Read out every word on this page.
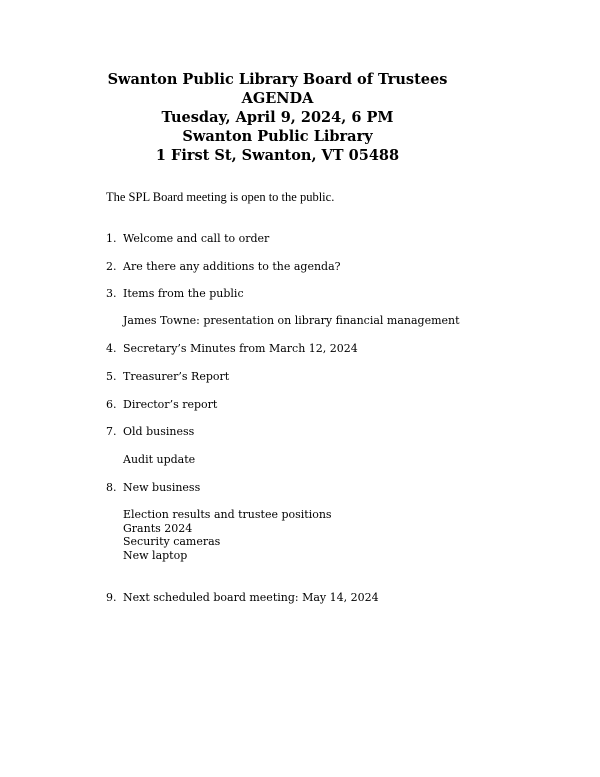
Swanton Public Library Board of Trustees
AGENDA
Tuesday, April 9, 2024, 6 PM
Swanton Public Library
1 First St, Swanton, VT 05488
The SPL Board meeting is open to the public.
1. Welcome and call to order
2. Are there any additions to the agenda?
3. Items from the public
James Towne: presentation on library financial management
4. Secretary’s Minutes from March 12, 2024
5. Treasurer’s Report
6. Director’s report
7. Old business
Audit update
8. New business
Election results and trustee positions
Grants 2024
Security cameras
New laptop
9. Next scheduled board meeting: May 14, 2024
